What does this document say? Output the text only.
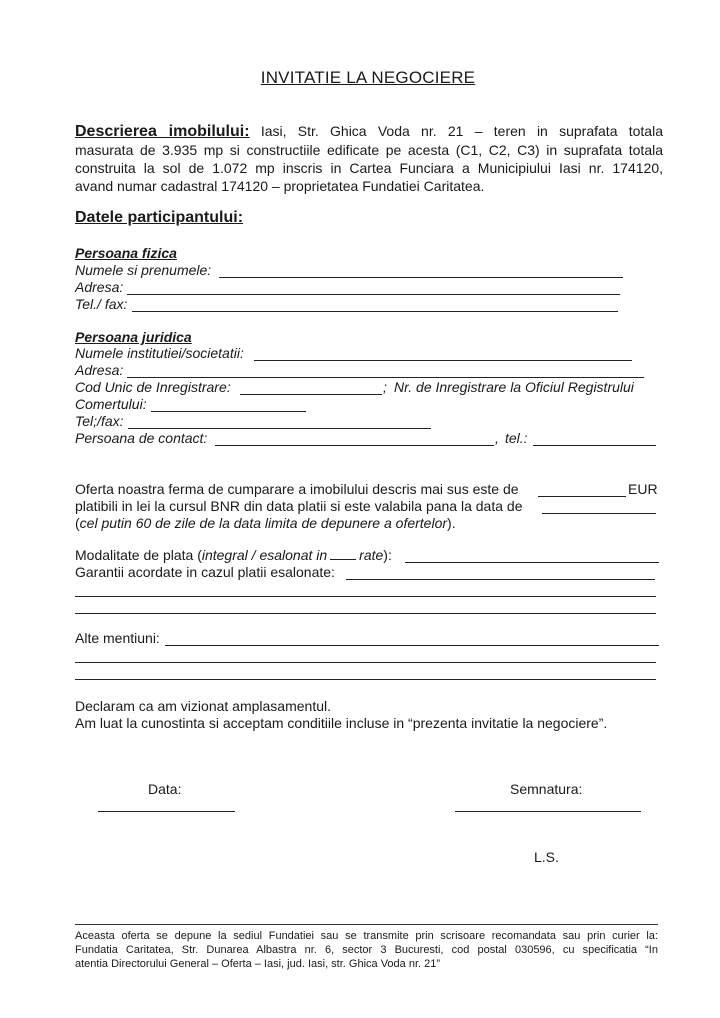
INVITATIE LA NEGOCIERE
Descrierea imobilului: Iasi, Str. Ghica Voda nr. 21 – teren in suprafata totala
masurata de 3.935 mp si constructiile edificate pe acesta (C1, C2, C3) in suprafata totala
construita la sol de 1.072 mp inscris in Cartea Funciara a Municipiului Iasi nr. 174120,
avand numar cadastral 174120 – proprietatea Fundatiei Caritatea.
Datele participantului:
Persoana fizica
Numele si prenumele:
Adresa:
Tel./ fax:
Persoana juridica
Numele institutiei/societatii:
Adresa:
Cod Unic de Inregistrare:	; Nr. de Inregistrare la Oficiul Registrului
Comertului:
Tel;/fax:
Persoana de contact:	, tel.:
Oferta noastra ferma de cumparare a imobilului descris mai sus este de	EUR
platibili in lei la cursul BNR din data platii si este valabila pana la data de
(cel putin 60 de zile de la data limita de depunere a ofertelor).
Modalitate de plata (integral / esalonat in rate):
Garantii acordate in cazul platii esalonate:
Alte mentiuni:
Declaram ca am vizionat amplasamentul.
Am luat la cunostinta si acceptam conditiile incluse in “prezenta invitatie la negociere”.
Data:	Semnatura:
L.S.
Aceasta oferta se depune la sediul Fundatiei sau se transmite prin scrisoare recomandata sau prin curier la:
Fundatia Caritatea, Str. Dunarea Albastra nr. 6, sector 3 Bucuresti, cod postal 030596, cu specificatia “In
atentia Directorului General – Oferta – Iasi, jud. Iasi, str. Ghica Voda nr. 21”
